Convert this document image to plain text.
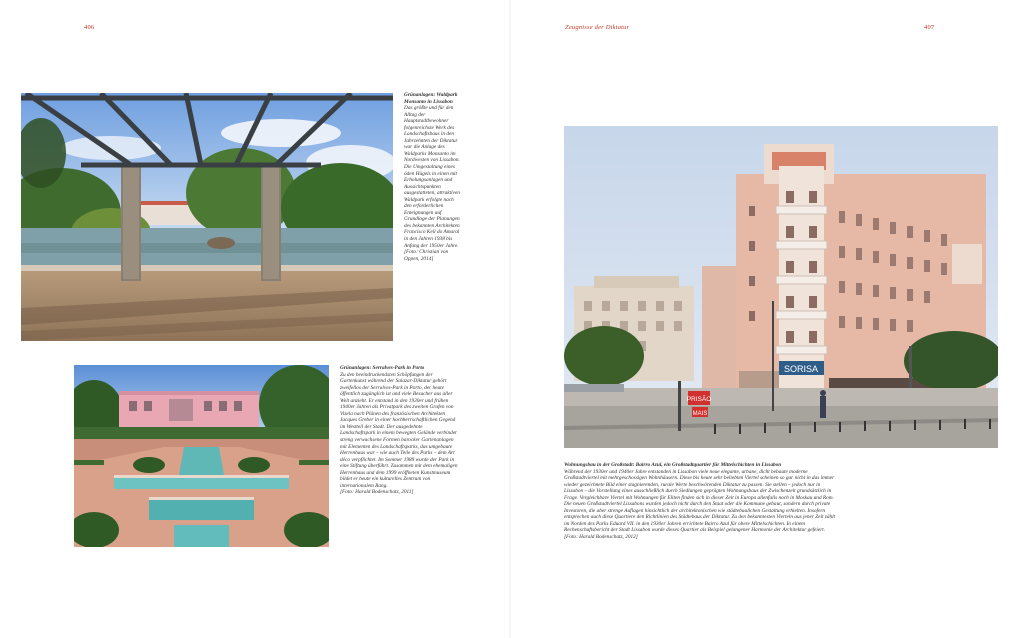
406	Zeugnisse der Diktatur	407
Grünanlagen: Waldpark Monsanto in Lissabon
Das größte und für den Alltag der Hauptstadtbewohner folgenreichste Werk des Landschaftsbaus in den Jahrzehnten der Diktatur war die Anlage des Waldparks Monsanto im Nordwesten von Lissabon. Die Umgestaltung eines öden Hügels in einen mit Erholungsanlagen und Aussichtspunkten ausgestatteten, attraktiven Waldpark erfolgte nach den erforderlichen Enteignungen auf Grundlage der Planungen des bekannten Architekten Francisco Keil do Amaral in den Jahren 1938 bis Anfang der 1950er Jahre.
[Foto: Christian von Oppen, 2014]
Grünanlagen: Serralves-Park in Porto
Zu den beeindruckendsten Schöpfungen der Gartenkunst während der Salazar-Diktatur gehört zweifellos der Serralves-Park in Porto, der heute öffentlich zugänglich ist und viele Besucher aus aller Welt anzieht. Er entstand in den 1930er und frühen 1940er Jahren als Privatpark des zweiten Grafen von Vizela nach Plänen des französischen Architekten Jacques Greber in einer hochherrschaftlichen Gegend im Westteil der Stadt. Der ausgedehnte Landschaftspark in einem bewegten Gelände verbindet streng verwachsene Formen barocker Gartenanlagen mit Elementen des Landschaftsparks, das umgebaute Herrenhaus war – wie auch Teile des Parks – dem Art déco verpflichtet. Im Sommer 1989 wurde der Park in eine Stiftung überführt. Zusammen mit dem ehemaligen Herrenhaus und dem 1999 eröffneten Kunstmuseum bildet er heute ein kulturelles Zentrum von internationalem Rang.
[Foto: Harald Bodenschatz, 2011]
SORISA
PRISÃO
MAIS
Wohnungsbau in der Großstadt: Bairro Azul, ein Großstadtquartier für Mittelschichten in Lissabon
Während der 1930er und 1940er Jahre entstanden in Lissabon viele neue elegante, urbane, dicht bebaute moderne Großstadtviertel mit mehrgeschossigen Wohnhäusern. Diese bis heute sehr beliebten Viertel scheinen so gar nicht in das immer wieder gezeichnete Bild einer stagnierenden, rurale Werte beschwörenden Diktatur zu passen. Sie stellen – jedoch nur in Lissabon – die Vorstellung eines ausschließlich durch Siedlungen geprägten Wohnungsbaus der Zwischenzeit grundsätzlich in Frage. Vergleichbare Viertel mit Wohnungen für Eliten finden sich in dieser Zeit in Europa allenfalls noch in Moskau und Rom. Die neuen Großstadtviertel Lissabons wurden jedoch nicht durch den Staat oder die Kommune gebaut, sondern durch private Investoren, die aber strenge Auflagen hinsichtlich der architektonischen wie städtebaulichen Gestaltung erhielten. Insofern entsprechen auch diese Quartiere den Richtlinien des Städtebaus der Diktatur. Zu den bekanntesten Vierteln aus jener Zeit zählt im Norden des Parks Eduard VII. in den 1930er Jahren errichtete Bairro Azul für obere Mittelschichten. In einem Rechenschaftsbericht der Stadt Lissabon wurde dieses Quartier als Beispiel gelungener Harmonie der Architektur gefeiert.
[Foto: Harald Bodenschatz, 2012]
